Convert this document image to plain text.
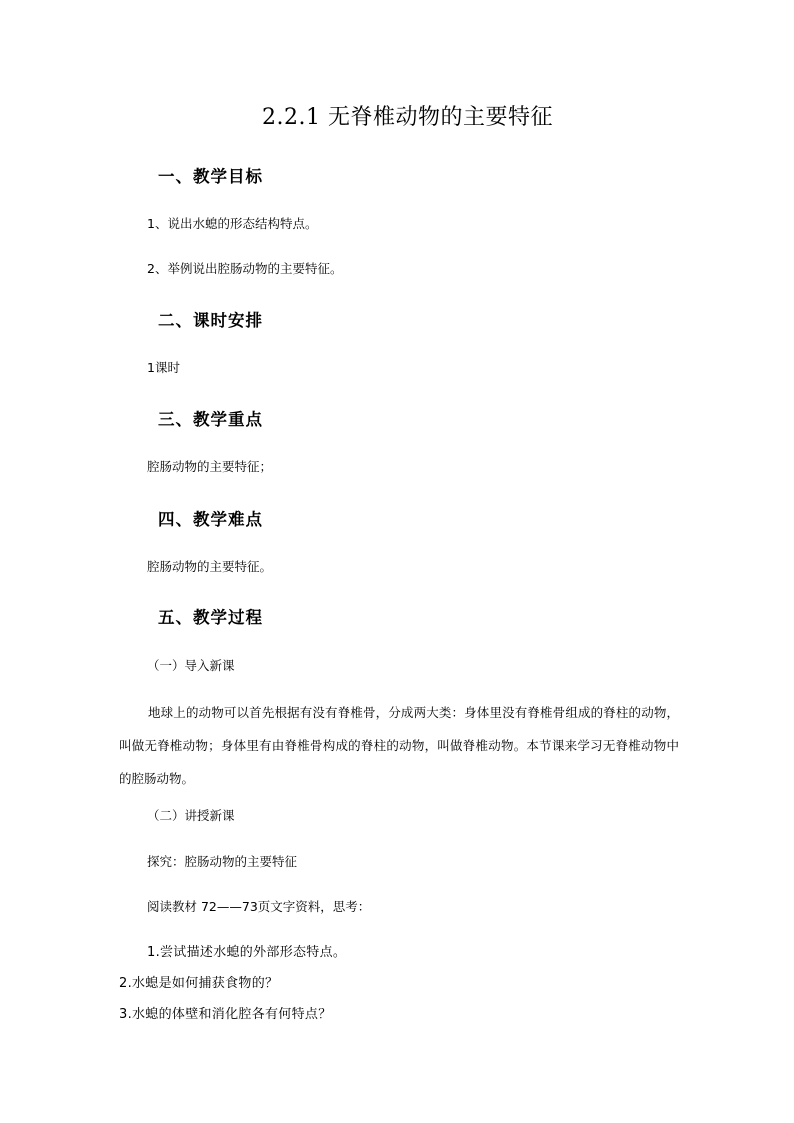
2.2.1 无脊椎动物的主要特征
一、教学目标
1、说出水螅的形态结构特点。
2、举例说出腔肠动物的主要特征。
二、课时安排
1课时
三、教学重点
腔肠动物的主要特征；
四、教学难点
腔肠动物的主要特征。
五、教学过程
（一）导入新课
地球上的动物可以首先根据有没有脊椎骨，分成两大类：身体里没有脊椎骨组成的脊柱的动物，叫做无脊椎动物；身体里有由脊椎骨构成的脊柱的动物，叫做脊椎动物。本节课来学习无脊椎动物中的腔肠动物。
（二）讲授新课
探究：腔肠动物的主要特征
阅读教材 72——73页文字资料，思考：
1.尝试描述水螅的外部形态特点。
2.水螅是如何捕获食物的？
3.水螅的体壁和消化腔各有何特点？
